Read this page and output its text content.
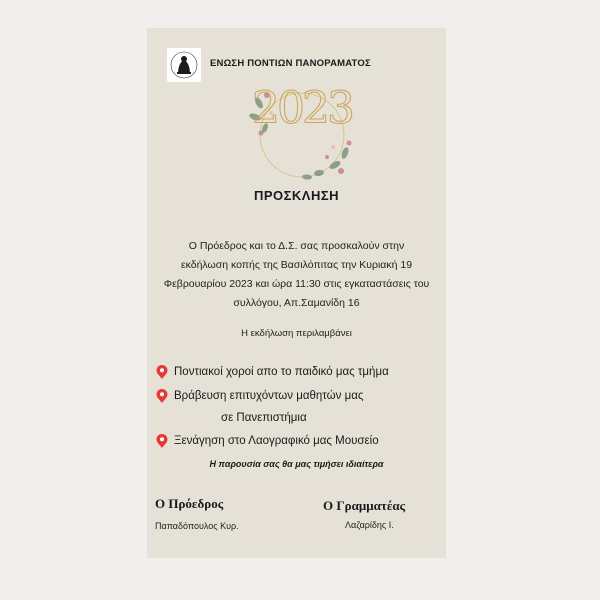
ΕΝΩΣΗ ΠΟΝΤΙΩΝ ΠΑΝΟΡΑΜΑΤΟΣ
2023
ΠΡΟΣΚΛΗΣΗ
Ο Πρόεδρος και το Δ.Σ. σας προσκαλούν στην
εκδήλωση κοπής της Βασιλόπιτας την Κυριακή 19
Φεβρουαρίου 2023 και ώρα 11:30 στις εγκαταστάσεις του
συλλόγου, Απ.Σαμανίδη 16
Η εκδήλωση περιλαμβάνει
Ποντιακοί χοροί απο το παιδικό μας τμήμα
Βράβευση επιτυχόντων μαθητών μας
σε Πανεπιστήμια
Ξενάγηση στο Λαογραφικό μας Μουσείο
Η παρουσία σας θα μας τιμήσει ιδιαίτερα
Ο Πρόεδρος
Παπαδόπουλος Κυρ.
Ο Γραμματέας
Λαζαρίδης Ι.
